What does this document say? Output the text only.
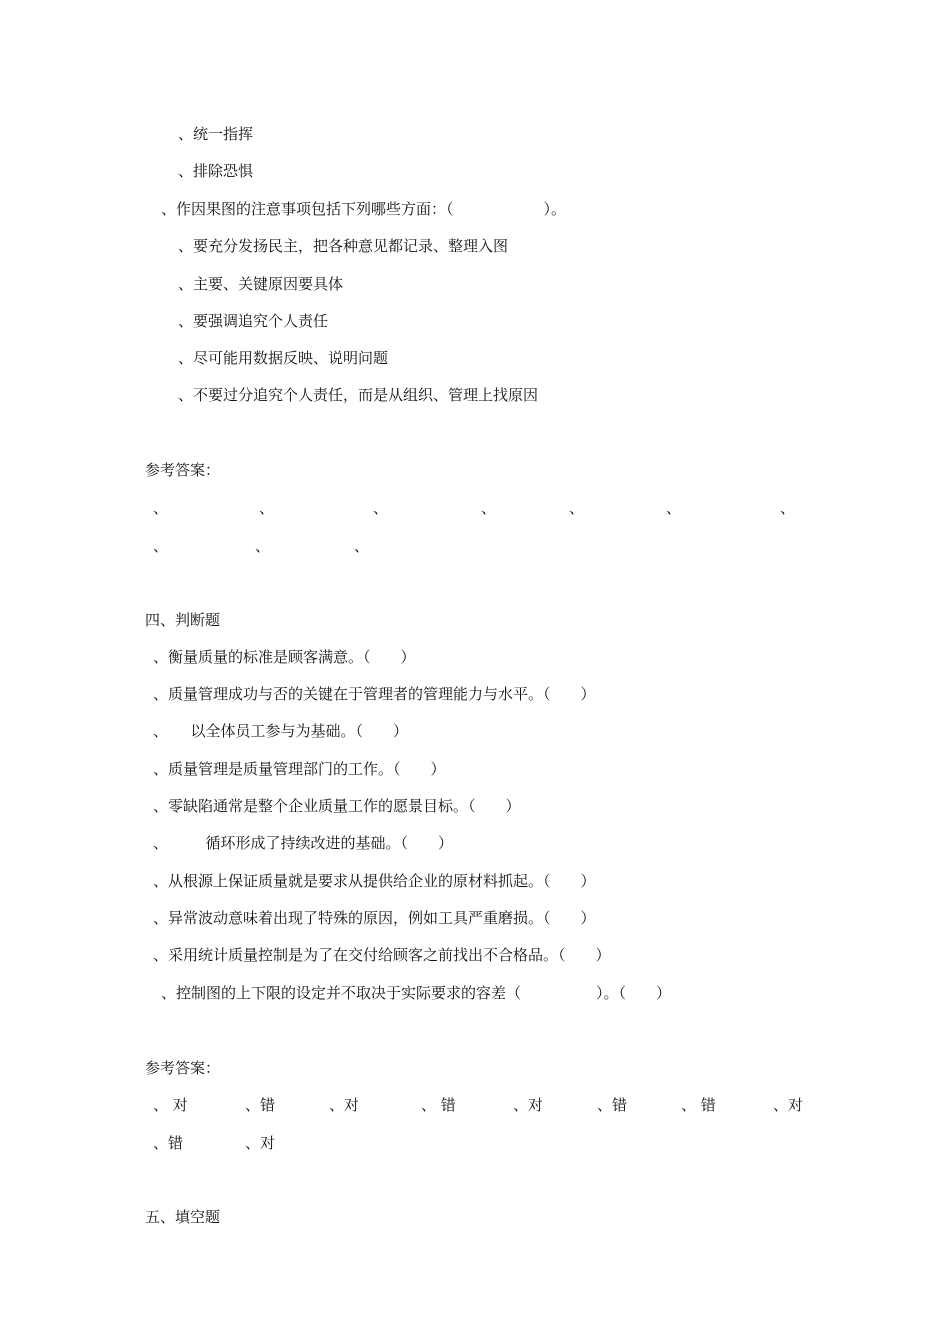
、统一指挥
、排除恐惧
、作因果图的注意事项包括下列哪些方面：（　　　　　　）。
、要充分发扬民主，把各种意见都记录、整理入图
、主要、关键原因要具体
、要强调追究个人责任
、尽可能用数据反映、说明问题
、不要过分追究个人责任，而是从组织、管理上找原因
参考答案：
、	、	、	、	、	、	、
、	、	、
四、判断题
、衡量质量的标准是顾客满意。（　　）
、质量管理成功与否的关键在于管理者的管理能力与水平。（　　）
、　　以全体员工参与为基础。（　　）
、质量管理是质量管理部门的工作。（　　）
、零缺陷通常是整个企业质量工作的愿景目标。（　　）
、　　　循环形成了持续改进的基础。（　　）
、从根源上保证质量就是要求从提供给企业的原材料抓起。（　　）
、异常波动意味着出现了特殊的原因，例如工具严重磨损。（　　）
、采用统计质量控制是为了在交付给顾客之前找出不合格品。（　　）
、控制图的上下限的设定并不取决于实际要求的容差（　　　　　）。（　　）
参考答案：
、 对	、错	、对	、 错	、对	、错	、 错	、对
、错	、对
五、填空题
